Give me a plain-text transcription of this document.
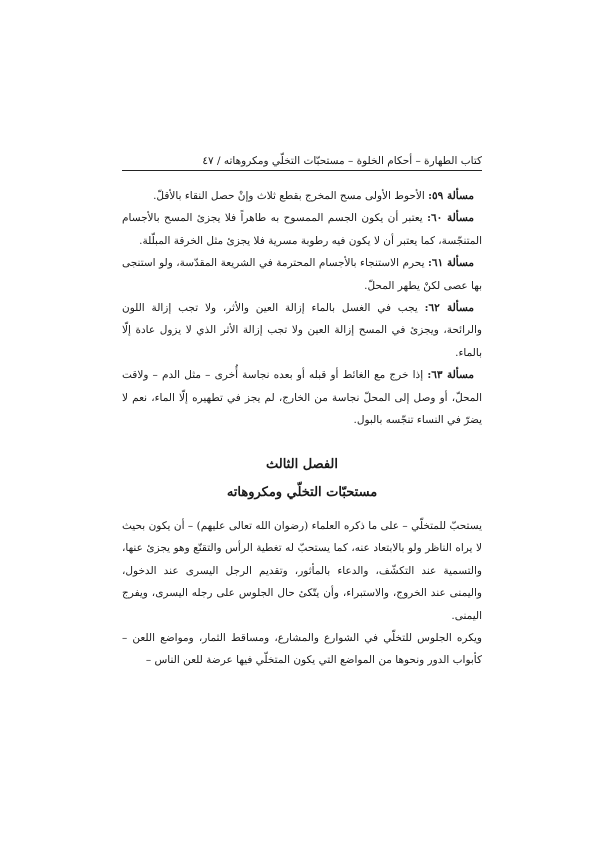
كتاب الطهارة – أحكام الخلوة – مستحبّات التخلّي ومكروهاته / ٤٧

مسألة ٥٩: الأحوط الأولى مسح المخرج بقطع ثلاث وإنْ حصل النقاء بالأقلّ.

مسألة ٦٠: يعتبر أن يكون الجسم الممسوح به طاهراً فلا يجزئ المسح بالأجسام المتنجّسة، كما يعتبر أن لا يكون فيه رطوبة مسرية فلا يجزئ مثل الخرقة المبلّلة.

مسألة ٦١: يحرم الاستنجاء بالأجسام المحترمة في الشريعة المقدّسة، ولو استنجى بها عصى لكنْ يطهر المحلّ.

مسألة ٦٢: يجب في الغسل بالماء إزالة العين والأثر، ولا تجب إزالة اللون والرائحة، ويجزئ في المسح إزالة العين ولا تجب إزالة الأثر الذي لا يزول عادة إلّا بالماء.

مسألة ٦٣: إذا خرج مع الغائط أو قبله أو بعده نجاسة أُخرى – مثل الدم – ولاقت المحلّ، أو وصل إلى المحلّ نجاسة من الخارج، لم يجز في تطهيره إلّا الماء، نعم لا يضرّ في النساء تنجّسه بالبول.

الفصل الثالث
مستحبّات التخلّي ومكروهاته

يستحبّ للمتخلّي – على ما ذكره العلماء (رضوان الله تعالى عليهم) – أن يكون بحيث لا يراه الناظر ولو بالابتعاد عنه، كما يستحبّ له تغطية الرأس والتقنّع وهو يجزئ عنها، والتسمية عند التكشّف، والدعاء بالمأثور، وتقديم الرجل اليسرى عند الدخول، واليمنى عند الخروج، والاستبراء، وأن يتّكئ حال الجلوس على رجله اليسرى، ويفرج اليمنى.

ويكره الجلوس للتخلّي في الشوارع والمشارع، ومساقط الثمار، ومواضع اللعن – كأبواب الدور ونحوها من المواضع التي يكون المتخلّي فيها عرضة للعن الناس –
